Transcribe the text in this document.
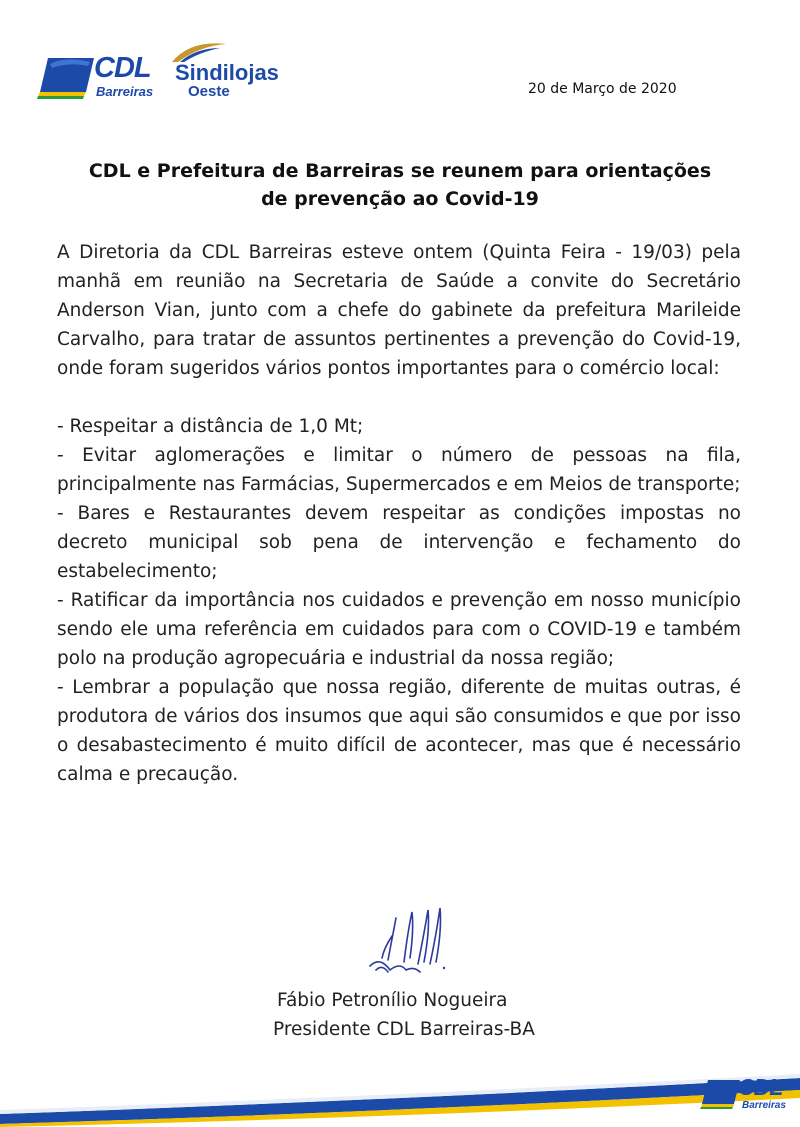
CDL
Barreiras
Sindilojas
Oeste	20 de Março de 2020
CDL e Prefeitura de Barreiras se reunem para orientações
de prevenção ao Covid-19

A Diretoria da CDL Barreiras esteve ontem (Quinta Feira - 19/03) pela manhã em reunião na Secretaria de Saúde a convite do Secretário Anderson Vian, junto com a chefe do gabinete da prefeitura Marileide Carvalho, para tratar de assuntos pertinentes a prevenção do Covid-19, onde foram sugeridos vários pontos importantes para o comércio local:

- Respeitar a distância de 1,0 Mt;

- Evitar aglomerações e limitar o número de pessoas na fila, principalmente nas Farmácias, Supermercados e em Meios de transporte;

- Bares e Restaurantes devem respeitar as condições impostas no decreto municipal sob pena de intervenção e fechamento do estabelecimento;

- Ratificar da importância nos cuidados e prevenção em nosso município sendo ele uma referência em cuidados para com o COVID-19 e também polo na produção agropecuária e industrial da nossa região;

- Lembrar a população que nossa região, diferente de muitas outras, é produtora de vários dos insumos que aqui são consumidos e que por isso o desabastecimento é muito difícil de acontecer, mas que é necessário calma e precaução.

Fábio Petronílio Nogueira
Presidente CDL Barreiras-BA
CDL
Barreiras
